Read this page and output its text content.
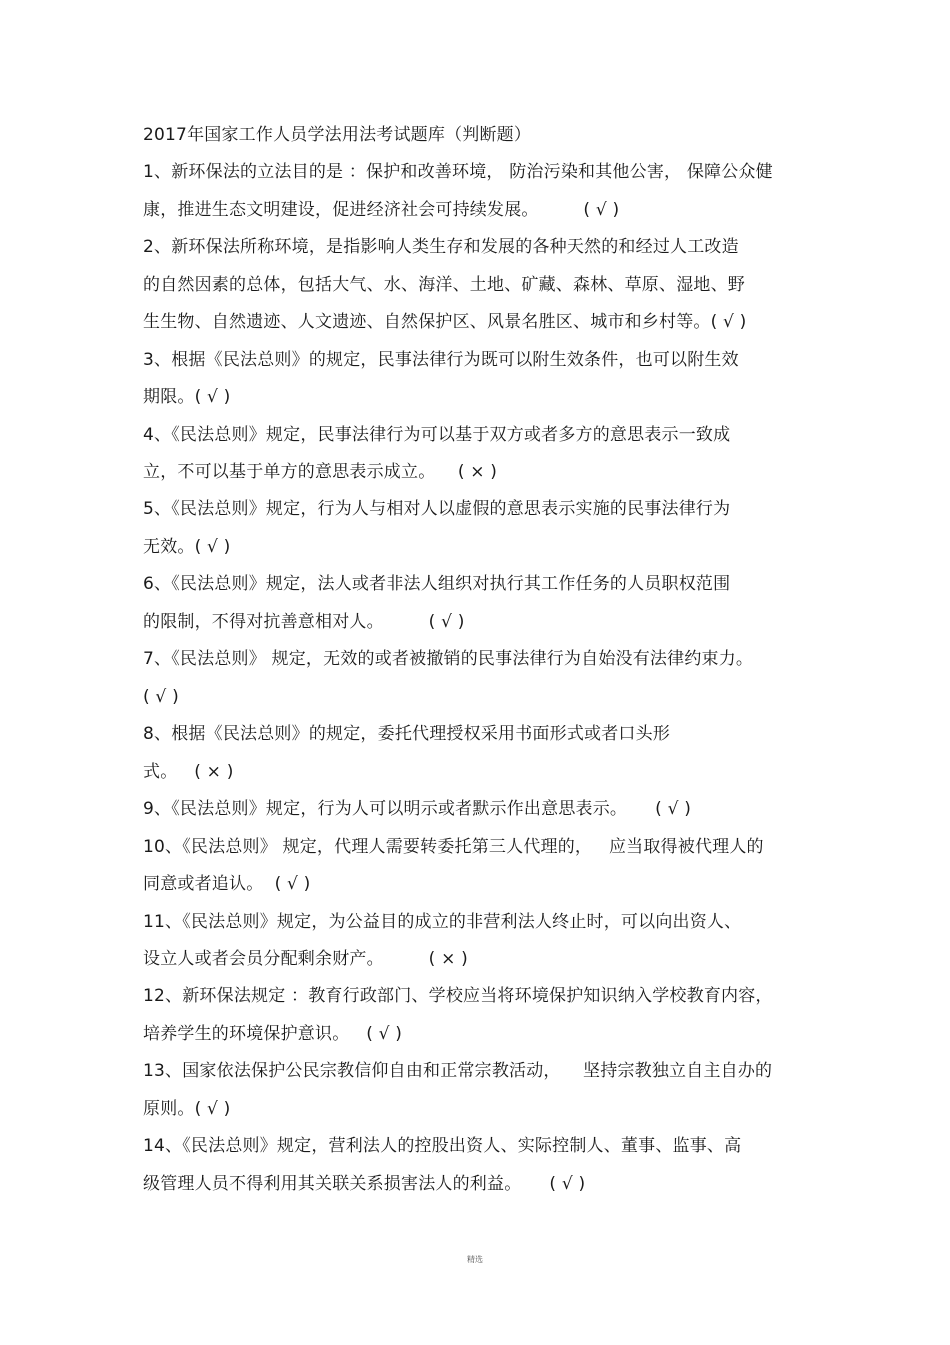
2017年国家工作人员学法用法考试题库（判断题）
1、新环保法的立法目的是 ：保护和改善环境， 防治污染和其他公害， 保障公众健
康，推进生态文明建设，促进经济社会可持续发展。        ( √ )
2、新环保法所称环境，是指影响人类生存和发展的各种天然的和经过人工改造
的自然因素的总体，包括大气、水、海洋、土地、矿藏、森林、草原、湿地、野
生生物、自然遗迹、人文遗迹、自然保护区、风景名胜区、城市和乡村等。( √ )
3、根据《民法总则》的规定，民事法律行为既可以附生效条件，也可以附生效
期限。( √ )
4、《民法总则》规定，民事法律行为可以基于双方或者多方的意思表示一致成
立，不可以基于单方的意思表示成立。    ( × )
5、《民法总则》规定，行为人与相对人以虚假的意思表示实施的民事法律行为
无效。( √ )
6、《民法总则》规定，法人或者非法人组织对执行其工作任务的人员职权范围
的限制，不得对抗善意相对人。        ( √ )
7、《民法总则》 规定，无效的或者被撤销的民事法律行为自始没有法律约束力。
( √ )
8、根据《民法总则》的规定，委托代理授权采用书面形式或者口头形
式。   ( × )
9、《民法总则》规定，行为人可以明示或者默示作出意思表示。     ( √ )
10、《民法总则》 规定，代理人需要转委托第三人代理的，   应当取得被代理人的
同意或者追认。  ( √ )
11、《民法总则》规定，为公益目的成立的非营利法人终止时，可以向出资人、
设立人或者会员分配剩余财产。        ( × )
12、新环保法规定 ：教育行政部门、学校应当将环境保护知识纳入学校教育内容，
培养学生的环境保护意识。   ( √ )
13、国家依法保护公民宗教信仰自由和正常宗教活动，    坚持宗教独立自主自办的
原则。( √ )
14、《民法总则》规定，营利法人的控股出资人、实际控制人、董事、监事、高
级管理人员不得利用其关联关系损害法人的利益。     ( √ )
精选
